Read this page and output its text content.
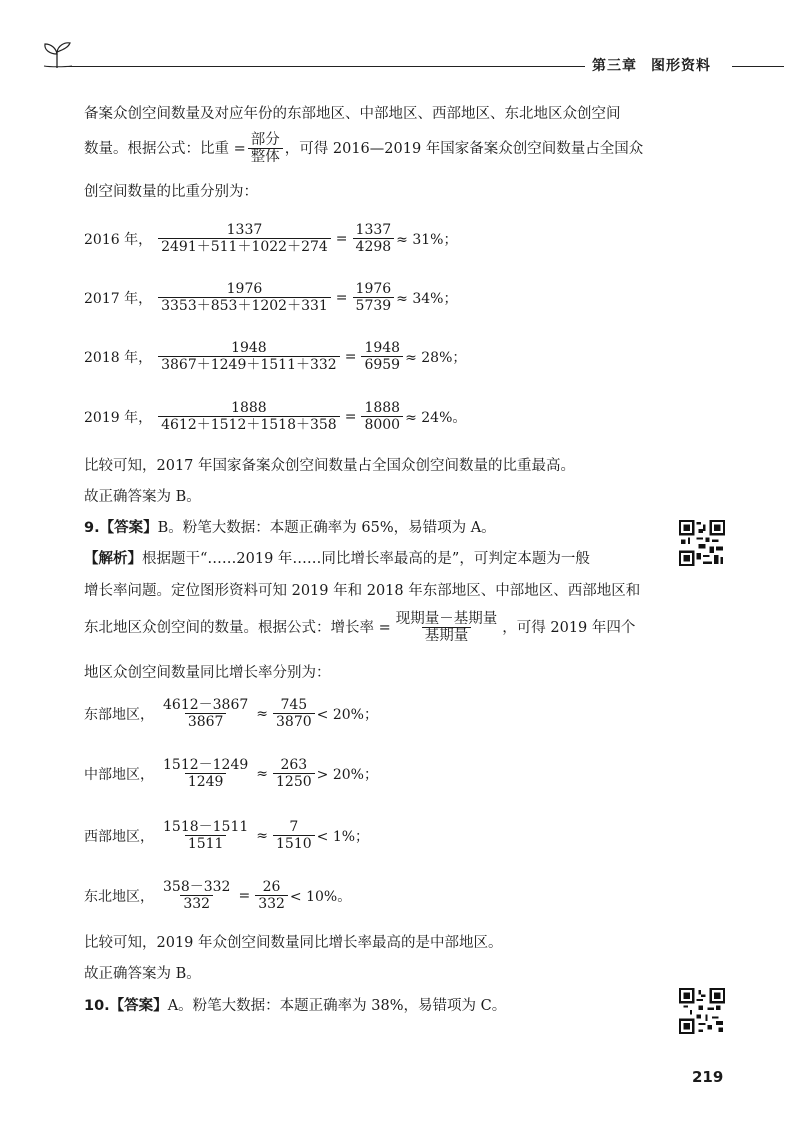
第三章 图形资料
备案众创空间数量及对应年份的东部地区、中部地区、西部地区、东北地区众创空间
数量。根据公式：比重 = $\frac{\text{部分}}{\text{整体}}$ ，可得 2016—2019 年国家备案众创空间数量占全国众
创空间数量的比重分别为：
2016 年， $\frac{1337}{2491+511+1022+274} = \frac{1337}{4298} \approx 31\%$；
2017 年， $\frac{1976}{3353+853+1202+331} = \frac{1976}{5739} \approx 34\%$；
2018 年， $\frac{1948}{3867+1249+1511+332} = \frac{1948}{6959} \approx 28\%$；
2019 年， $\frac{1888}{4612+1512+1518+358} = \frac{1888}{8000} \approx 24\%$。
比较可知，2017 年国家备案众创空间数量占全国众创空间数量的比重最高。
故正确答案为 B。
9.【答案】B。粉笔大数据：本题正确率为 65%，易错项为 A。
【解析】根据题干“……2019 年……同比增长率最高的是”，可判定本题为一般
增长率问题。定位图形资料可知 2019 年和 2018 年东部地区、中部地区、西部地区和
东北地区众创空间的数量。根据公式：增长率 = $\frac{\text{现期量－基期量}}{\text{基期量}}$ ，可得 2019 年四个
地区众创空间数量同比增长率分别为：
东部地区， $\frac{4612-3867}{3867} \approx \frac{745}{3870} < 20\%$；
中部地区， $\frac{1512-1249}{1249} \approx \frac{263}{1250} > 20\%$；
西部地区， $\frac{1518-1511}{1511} \approx \frac{7}{1510} < 1\%$；
东北地区， $\frac{358-332}{332} = \frac{26}{332} < 10\%$。
比较可知，2019 年众创空间数量同比增长率最高的是中部地区。
故正确答案为 B。
10.【答案】A。粉笔大数据：本题正确率为 38%，易错项为 C。
219
